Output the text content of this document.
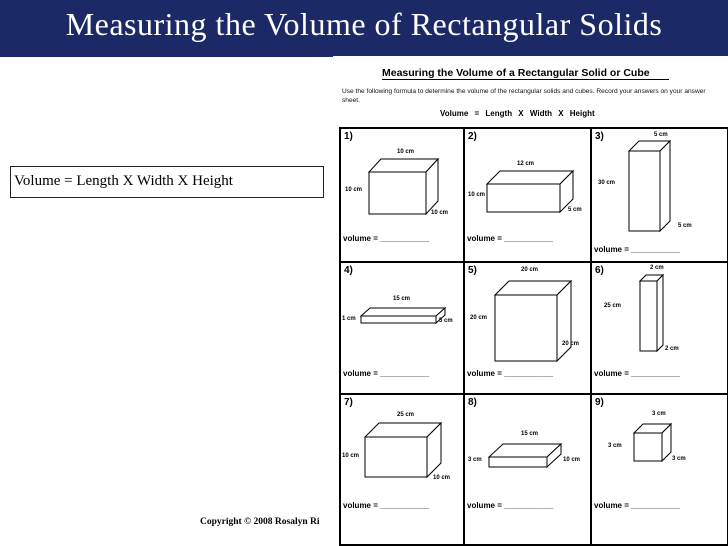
Measuring the Volume of Rectangular Solids
Volume = Length X Width X Height
Copyright © 2008 Rosalyn Ri
Measuring the Volume of a Rectangular Solid or Cube
Use the following formula to determine the volume of the rectangular solids and cubes. Record your answers on your answer sheet.
Volume = Length X Width X Height
1)
10 cm
10 cm
10 cm
volume = ___________
2)
12 cm
10 cm
5 cm
volume = ___________
3)	5 cm
30 cm
5 cm
volume = ___________
4)
15 cm
1 cm	5 cm
volume = ___________
5)	20 cm
20 cm
20 cm
volume = ___________
6)	2 cm
25 cm
2 cm
volume = ___________
7)
25 cm
10 cm
10 cm
volume = ___________
8)
15 cm
3 cm	10 cm
volume = ___________
9)
3 cm
3 cm
3 cm
volume = ___________
